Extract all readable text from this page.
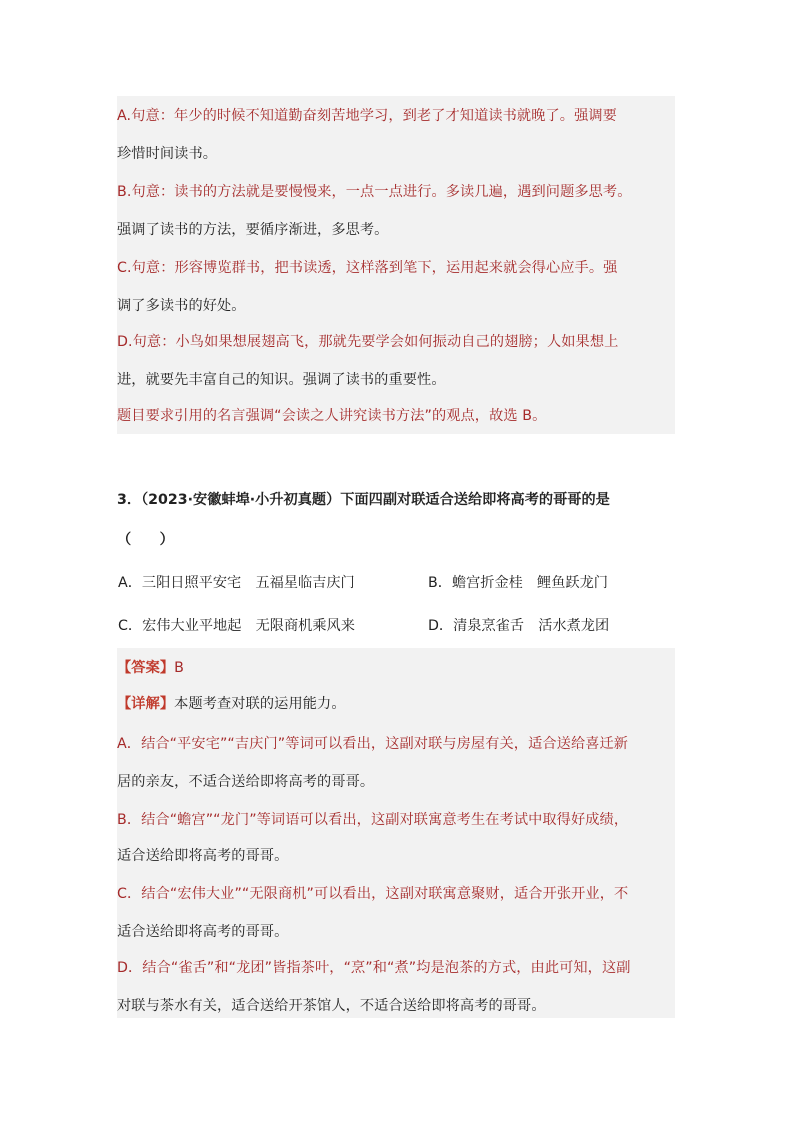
A.句意：年少的时候不知道勤奋刻苦地学习，到老了才知道读书就晚了。强调要
珍惜时间读书。
B.句意：读书的方法就是要慢慢来，一点一点进行。多读几遍，遇到问题多思考。
强调了读书的方法，要循序渐进，多思考。
C.句意：形容博览群书，把书读透，这样落到笔下，运用起来就会得心应手。强
调了多读书的好处。
D.句意：小鸟如果想展翅高飞，那就先要学会如何振动自己的翅膀；人如果想上
进，就要先丰富自己的知识。强调了读书的重要性。
题目要求引用的名言强调“会读之人讲究读书方法”的观点，故选 B。
3．（2023·安徽蚌埠·小升初真题）下面四副对联适合送给即将高考的哥哥的是
（　　）
A．三阳日照平安宅　五福星临吉庆门	B．蟾宫折金桂　鲤鱼跃龙门
C．宏伟大业平地起　无限商机乘风来	D．清泉烹雀舌　活水煮龙团
【答案】B
【详解】本题考查对联的运用能力。
A．结合“平安宅”“吉庆门”等词可以看出，这副对联与房屋有关，适合送给喜迁新
居的亲友，不适合送给即将高考的哥哥。
B．结合“蟾宫”“龙门”等词语可以看出，这副对联寓意考生在考试中取得好成绩，
适合送给即将高考的哥哥。
C．结合“宏伟大业”“无限商机”可以看出，这副对联寓意聚财，适合开张开业，不
适合送给即将高考的哥哥。
D．结合“雀舌”和“龙团”皆指茶叶，“烹”和“煮”均是泡茶的方式，由此可知，这副
对联与茶水有关，适合送给开茶馆人，不适合送给即将高考的哥哥。
